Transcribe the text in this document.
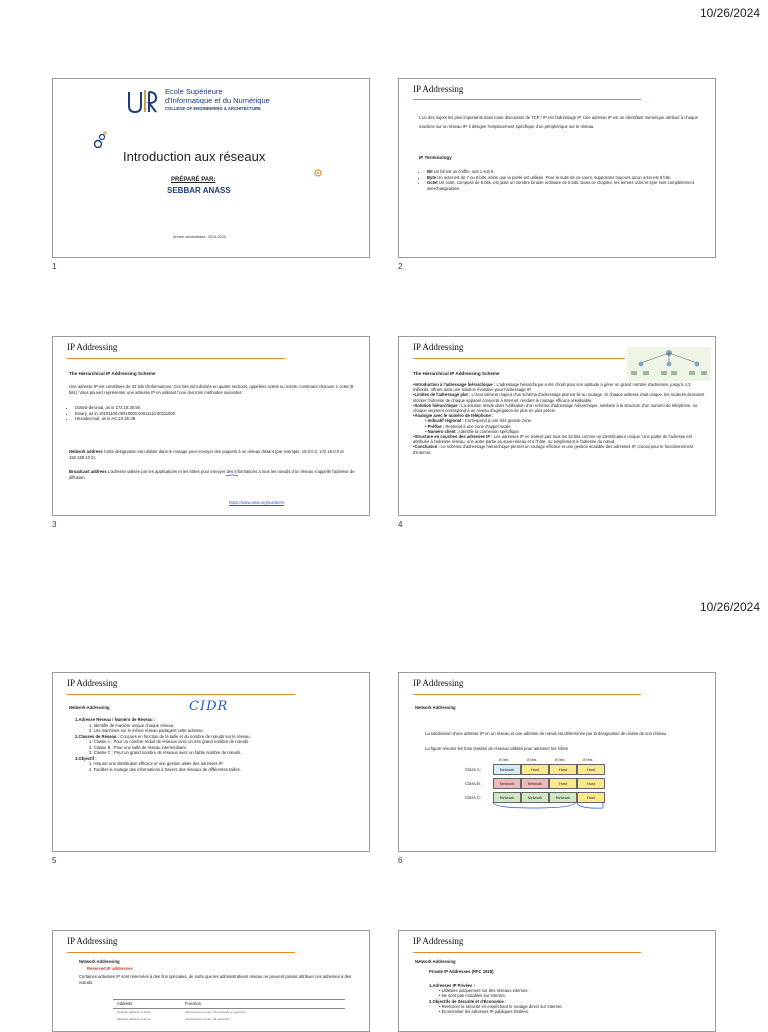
10/26/2024
Ecole Supérieure
d'Informatique et du Numérique
COLLEGE OF ENGINEERING & ARCHITECTURE
Introduction aux réseaux
PRÉPARÉ PAR:
SEBBAR ANASS
Année universitaire: 2024-2025
1
IP Addressing
L'un des sujets les plus importants dans toute discussion de TCP / IP est l'adressage IP. Une adresse IP est un identifiant numérique attribué à chaque machine sur un réseau IP. Il désigne l'emplacement spécifique d'un périphérique sur le réseau.
IP Terminology
• Bit Un bit est un chiffre, soit 1 soit 0.
• Byte Un octet est de 7 ou 8 bits, selon que la parité est utilisée. Pour la suite de ce cours, supposons toujours qu'un octet est 8 bits.
• Octet Un octet, composé de 8 bits, est juste un nombre binaire ordinaire de 8 bits. Dans ce chapitre, les termes octet et byte sont complètement interchangeables.
2
IP Addressing
The Hierarchical IP Addressing Scheme
Une adresse IP est constituée de 32 bits d'informations. Ces bits sont divisés en quatre sections, appelées octets ou octets, contenant chacune 1 octet (8 bits). Vous pouvez représenter une adresse IP en utilisant l'une des trois méthodes suivantes:
• Dotted-decimal, as in 172.16.30.56
• Binary, as in 10101100.00010000.00011110.00111000
• Hexadecimal, as in AC.10.1E.38
Network address Cette désignation est utilisée dans le routage pour envoyer des paquets à un réseau distant (par exemple, 10.0.0.0, 172.16.0.0 et 192.168.10.0).
Broadcast address L'adresse utilisée par les applications et les hôtes pour envoyer des informations à tous les nœuds d'un réseau s'appelle l'adresse de diffusion.
https://www.iana.org/numbers
3
IP Addressing
The Hierarchical IP Addressing Scheme
•Introduction à l'adressage hiérarchique : L'adressage hiérarchique a été choisi pour son aptitude à gérer un grand nombre d'adresses, jusqu'à 4,3 milliards, offrant ainsi une solution évolutive pour l'adressage IP.
•Limites de l'adressage plat : L'inconvénient majeur d'un schéma d'adressage plat est lié au routage. Si chaque adresse était unique, les routeurs devraient stocker l'adresse de chaque appareil connecté à Internet, rendant le routage efficace irréalisable.
•Solution hiérarchique : La solution réside dans l'utilisation d'un schéma d'adressage hiérarchique, similaire à la structure d'un numéro de téléphone, où chaque segment correspond à un niveau d'agrégation de plus en plus précis.
•Analogie avec le numéro de téléphone :
• Indicatif régional : Correspond à une très grande zone.
• Préfixe : Restreint à une zone d'appel locale.
• Numéro client : Identifie la connexion spécifique.
•Structure en couches des adresses IP : Les adresses IP ne traitent pas tous les 32 bits comme un identificateur unique. Une partie de l'adresse est attribuée à l'adresse réseau, une autre partie au sous-réseau et à l'hôte, ou simplement à l'adresse du nœud.
•Conclusion : Le schéma d'adressage hiérarchique permet un routage efficace et une gestion scalable des adresses IP, crucial pour le fonctionnement d'Internet.
4
10/26/2024
IP Addressing
Network Addressing	CIDR
1.Adresse Réseau / Numéro de Réseau :
1. Identifie de manière unique chaque réseau.
2. Les machines sur le même réseau partagent cette adresse.
2.Classes de Réseau : Conçues en fonction de la taille et du nombre de nœuds sur le réseau.
1. Classe A : Pour un nombre réduit de réseaux avec un très grand nombre de nœuds.
2. Classe B : Pour une taille de réseau intermédiaire.
3. Classe C : Pour un grand nombre de réseaux avec un faible nombre de nœuds.
3.Objectif :
1. Assurer une distribution efficace et une gestion aisée des adresses IP.
2. Faciliter le routage des informations à travers des réseaux de différentes tailles.
5
IP Addressing
Network Addressing
La subdivision d'une adresse IP en un réseau et une adresse de nœud est déterminée par la désignation de classe de son réseau.
La figure résume les trois classes de réseaux utilisés pour adresser les hôtes
8 bits	8 bits	8 bits	8 bits
Class A:	Network	Host	Host	Host
Class B:	Network	Network	Host	Host
Class C:	Network	Network	Network	Host
6
IP Addressing
Network Addressing
Reserved IP addresses
Certaines adresses IP sont réservées à des fins spéciales, de sorte que les administrateurs réseau ne peuvent jamais attribuer ces adresses à des nœuds.
Address	Function
Network address of all 0s	Interpreted to mean "this network or segment."
Network address of all 1s	Interpreted to mean "all networks."
IP Addressing
Network Addressing
Private IP Addresses (RFC 1918)
1.Adresses IP Privées :
• Utilisées uniquement sur des réseaux internes.
• Ne sont pas routables sur Internet.
2.Objectifs de Sécurité et d'Économie :
• Renforcer la sécurité en empêchant le routage direct sur Internet.
• Économiser les adresses IP publiques limitées.
